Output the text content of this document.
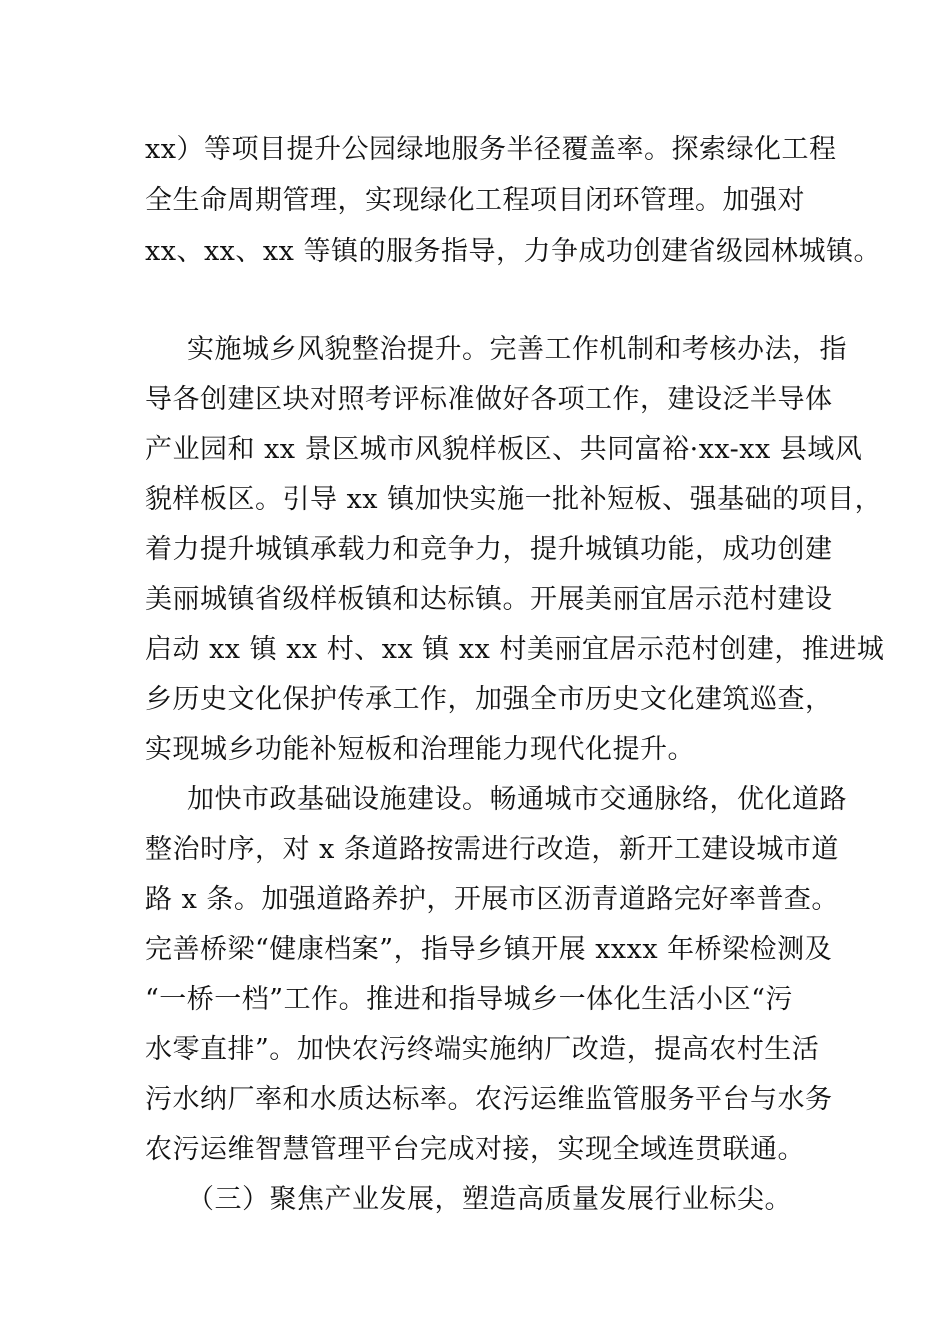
xx）等项目提升公园绿地服务半径覆盖率。探索绿化工程
全生命周期管理，实现绿化工程项目闭环管理。加强对
xx、xx、xx 等镇的服务指导，力争成功创建省级园林城镇。
实施城乡风貌整治提升。完善工作机制和考核办法，指
导各创建区块对照考评标准做好各项工作，建设泛半导体
产业园和 xx 景区城市风貌样板区、共同富裕·xx-xx 县域风
貌样板区。引导 xx 镇加快实施一批补短板、强基础的项目，
着力提升城镇承载力和竞争力，提升城镇功能，成功创建
美丽城镇省级样板镇和达标镇。开展美丽宜居示范村建设
启动 xx 镇 xx 村、xx 镇 xx 村美丽宜居示范村创建，推进城
乡历史文化保护传承工作，加强全市历史文化建筑巡查，
实现城乡功能补短板和治理能力现代化提升。
加快市政基础设施建设。畅通城市交通脉络，优化道路
整治时序，对 x 条道路按需进行改造，新开工建设城市道
路 x 条。加强道路养护，开展市区沥青道路完好率普查。
完善桥梁“健康档案”，指导乡镇开展 xxxx 年桥梁检测及
“一桥一档”工作。推进和指导城乡一体化生活小区“污
水零直排”。加快农污终端实施纳厂改造，提高农村生活
污水纳厂率和水质达标率。农污运维监管服务平台与水务
农污运维智慧管理平台完成对接，实现全域连贯联通。
（三）聚焦产业发展，塑造高质量发展行业标尖。
